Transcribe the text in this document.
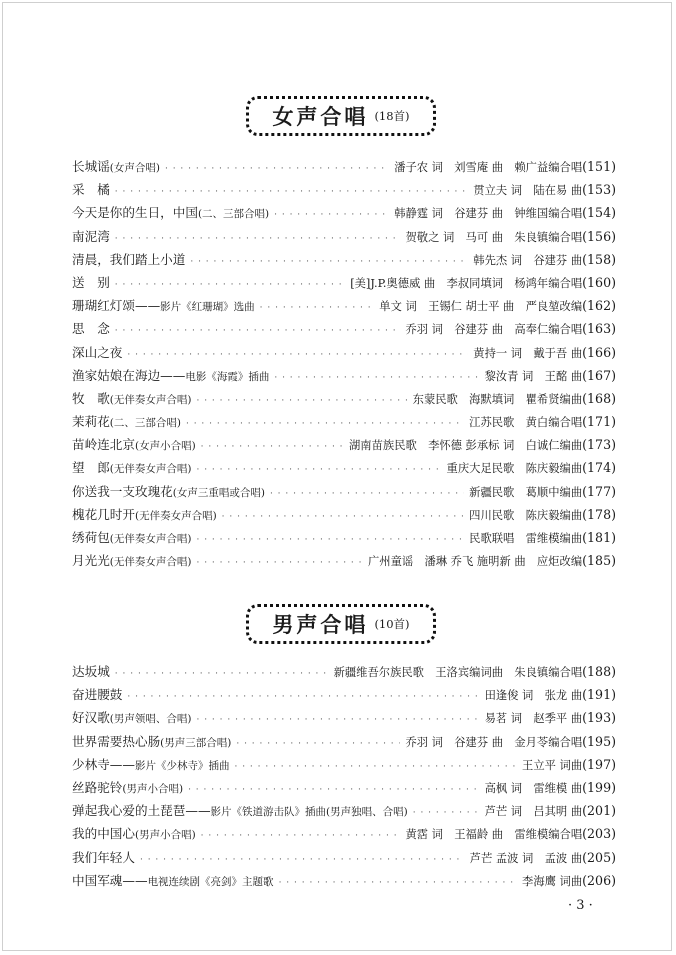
女声合唱 (18首)
长城谣 (女声合唱) · · ·	潘子农 词　刘雪庵 曲　赖广益编合唱 (151)
采　橘 · · ·	贯立夫 词　陆在易 曲 (153)
今天是你的生日，中国 (二、三部合唱) · · ·	韩静霆 词　谷建芬 曲　钟维国编合唱 (154)
南泥湾 · · ·	贺敬之 词　马可 曲　朱良镇编合唱 (156)
清晨，我们踏上小道 · · ·	韩先杰 词　谷建芬 曲 (158)
送　别 · · ·	[美]J.P.奥德威 曲　李叔同填词　杨鸿年编合唱 (160)
珊瑚红灯颂—— 影片《红珊瑚》选曲 · · ·	单文 词　王锡仁 胡士平 曲　严良堃改编 (162)
思　念 · · ·	乔羽 词　谷建芬 曲　高奉仁编合唱 (163)
深山之夜 · · ·	黄持一 词　戴于吾 曲 (166)
渔家姑娘在海边—— 电影《海霞》插曲 · · ·	黎汝青 词　王酩 曲 (167)
牧　歌 (无伴奏女声合唱) · · ·	东蒙民歌　海默填词　瞿希贤编曲 (168)
茉莉花 (二、三部合唱) · · ·	江苏民歌　黄白编合唱 (171)
苗岭连北京 (女声小合唱) · · ·	湖南苗族民歌　李怀德 彭承标 词　白诚仁编曲 (173)
望　郎 (无伴奏女声合唱) · · ·	重庆大足民歌　陈庆毅编曲 (174)
你送我一支玫瑰花 (女声三重唱或合唱) · · ·	新疆民歌　葛顺中编曲 (177)
槐花几时开 (无伴奏女声合唱) · · ·	四川民歌　陈庆毅编曲 (178)
绣荷包 (无伴奏女声合唱) · · ·	民歌联唱　雷维模编曲 (181)
月光光 (无伴奏女声合唱) · · ·	广州童谣　潘琳 乔飞 施明新 曲　应炬改编 (185)
男声合唱 (10首)
达坂城 · · ·	新疆维吾尔族民歌　王洛宾编词曲　朱良镇编合唱 (188)
奋进腰鼓 · · ·	田逢俊 词　张龙 曲 (191)
好汉歌 (男声领唱、合唱) · · ·	易茗 词　赵季平 曲 (193)
世界需要热心肠 (男声三部合唱) · · ·	乔羽 词　谷建芬 曲　金月苓编合唱 (195)
少林寺—— 影片《少林寺》插曲 · · ·	王立平 词曲 (197)
丝路驼铃 (男声小合唱) · · ·	高枫 词　雷维模 曲 (199)
弹起我心爱的土琵琶—— 影片《铁道游击队》插曲(男声独唱、合唱) · · ·	芦芒 词　吕其明 曲 (201)
我的中国心 (男声小合唱) · · ·	黄霑 词　王福龄 曲　雷维模编合唱 (203)
我们年轻人 · · ·	芦芒 孟波 词　孟波 曲 (205)
中国军魂—— 电视连续剧《亮剑》主题歌 · · ·	李海鹰 词曲 (206)
· 3 ·
